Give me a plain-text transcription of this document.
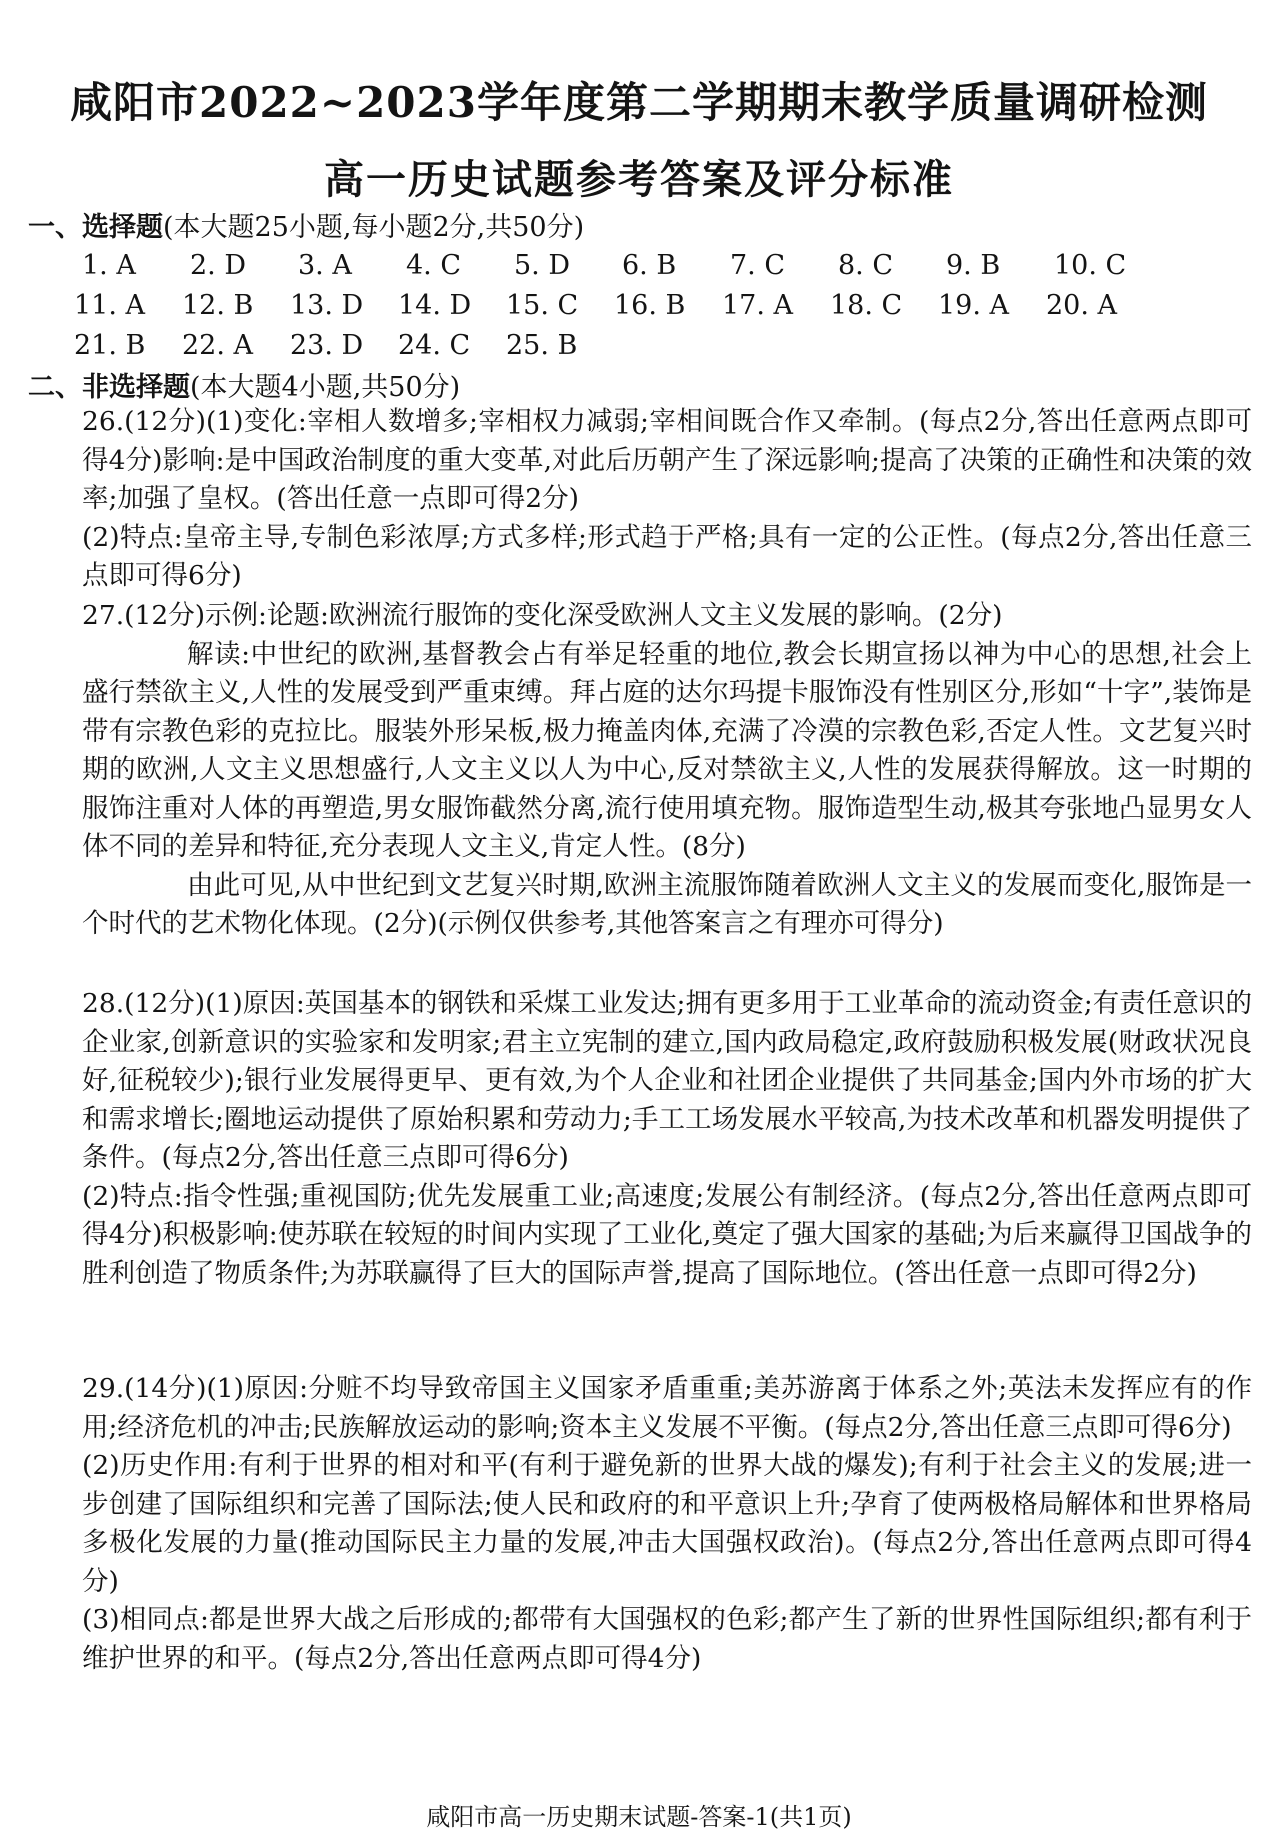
咸阳市2022~2023学年度第二学期期末教学质量调研检测
高一历史试题参考答案及评分标准
一、选择题(本大题25小题,每小题2分,共50分)
1. A 2. D 3. A 4. C 5. D 6. B 7. C 8. C 9. B 10. C
11. A 12. B 13. D 14. D 15. C 16. B 17. A 18. C 19. A 20. A
21. B 22. A 23. D 24. C 25. B
二、非选择题(本大题4小题,共50分)

26.(12分)(1)变化:宰相人数增多;宰相权力减弱;宰相间既合作又牵制。(每点2分,答出任意两点即可得4分)影响:是中国政治制度的重大变革,对此后历朝产生了深远影响;提高了决策的正确性和决策的效率;加强了皇权。(答出任意一点即可得2分)

(2)特点:皇帝主导,专制色彩浓厚;方式多样;形式趋于严格;具有一定的公正性。(每点2分,答出任意三点即可得6分)

27.(12分)示例:论题:欧洲流行服饰的变化深受欧洲人文主义发展的影响。(2分)

解读:中世纪的欧洲,基督教会占有举足轻重的地位,教会长期宣扬以神为中心的思想,社会上盛行禁欲主义,人性的发展受到严重束缚。拜占庭的达尔玛提卡服饰没有性别区分,形如“十字”,装饰是带有宗教色彩的克拉比。服装外形呆板,极力掩盖肉体,充满了冷漠的宗教色彩,否定人性。文艺复兴时期的欧洲,人文主义思想盛行,人文主义以人为中心,反对禁欲主义,人性的发展获得解放。这一时期的服饰注重对人体的再塑造,男女服饰截然分离,流行使用填充物。服饰造型生动,极其夸张地凸显男女人体不同的差异和特征,充分表现人文主义,肯定人性。(8分)

由此可见,从中世纪到文艺复兴时期,欧洲主流服饰随着欧洲人文主义的发展而变化,服饰是一个时代的艺术物化体现。(2分)(示例仅供参考,其他答案言之有理亦可得分)

28.(12分)(1)原因:英国基本的钢铁和采煤工业发达;拥有更多用于工业革命的流动资金;有责任意识的企业家,创新意识的实验家和发明家;君主立宪制的建立,国内政局稳定,政府鼓励积极发展(财政状况良好,征税较少);银行业发展得更早、更有效,为个人企业和社团企业提供了共同基金;国内外市场的扩大和需求增长;圈地运动提供了原始积累和劳动力;手工工场发展水平较高,为技术改革和机器发明提供了条件。(每点2分,答出任意三点即可得6分)

(2)特点:指令性强;重视国防;优先发展重工业;高速度;发展公有制经济。(每点2分,答出任意两点即可得4分)积极影响:使苏联在较短的时间内实现了工业化,奠定了强大国家的基础;为后来赢得卫国战争的胜利创造了物质条件;为苏联赢得了巨大的国际声誉,提高了国际地位。(答出任意一点即可得2分)

29.(14分)(1)原因:分赃不均导致帝国主义国家矛盾重重;美苏游离于体系之外;英法未发挥应有的作用;经济危机的冲击;民族解放运动的影响;资本主义发展不平衡。(每点2分,答出任意三点即可得6分)

(2)历史作用:有利于世界的相对和平(有利于避免新的世界大战的爆发);有利于社会主义的发展;进一步创建了国际组织和完善了国际法;使人民和政府的和平意识上升;孕育了使两极格局解体和世界格局多极化发展的力量(推动国际民主力量的发展,冲击大国强权政治)。(每点2分,答出任意两点即可得4分)

(3)相同点:都是世界大战之后形成的;都带有大国强权的色彩;都产生了新的世界性国际组织;都有利于维护世界的和平。(每点2分,答出任意两点即可得4分)

咸阳市高一历史期末试题-答案-1(共1页)
